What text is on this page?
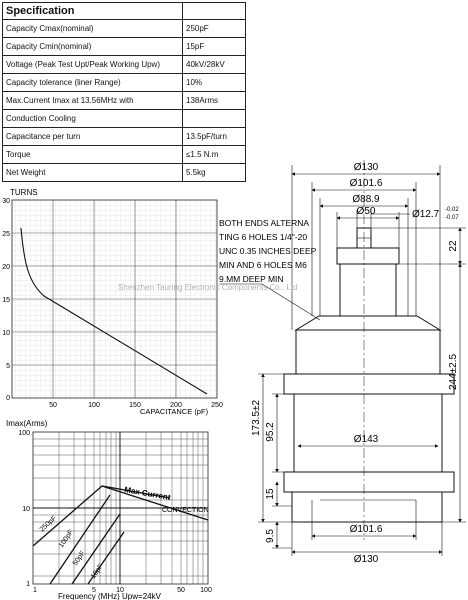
Specification	
Capacity Cmax(nominal)	250pF
Capacity Cmin(nominal)	15pF
Voltage (Peak Test Upt/Peak Working Upw)	40kV/28kV
Capacity tolerance (liner Range)	10%
Max.Current Imax at 13.56MHz with	138Arms
Conduction Cooling	
Capacitance per turn	13.5pF/turn
Torque	≤1.5 N.m
Net Weight	5.5kg
TURNS
CAPACITANCE (pF)
30
25
20
15
10
5
0
50	100	150	200	250
Max Current
CONVECTION
250pF
100pF
50pF
10pF
Imax(Arms)
Frequency (MHz) Upw=24kV
100
10
1
1	5	10	50 100
Ø130
Ø101.6
Ø88.9
Ø50
Ø143
Ø101.6
Ø130
Ø12.7 -0.02
-0.07
22
244±2.5
173.5±2 95.2
15
9.5
BOTH ENDS ALTERNA
TING 6 HOLES 1/4"-20
UNC 0.35 INCHES DEEP
MIN AND 6 HOLES M6
9.MM DEEP MIN
Shenzhen Tauring Electronic Components Co., Ltd
